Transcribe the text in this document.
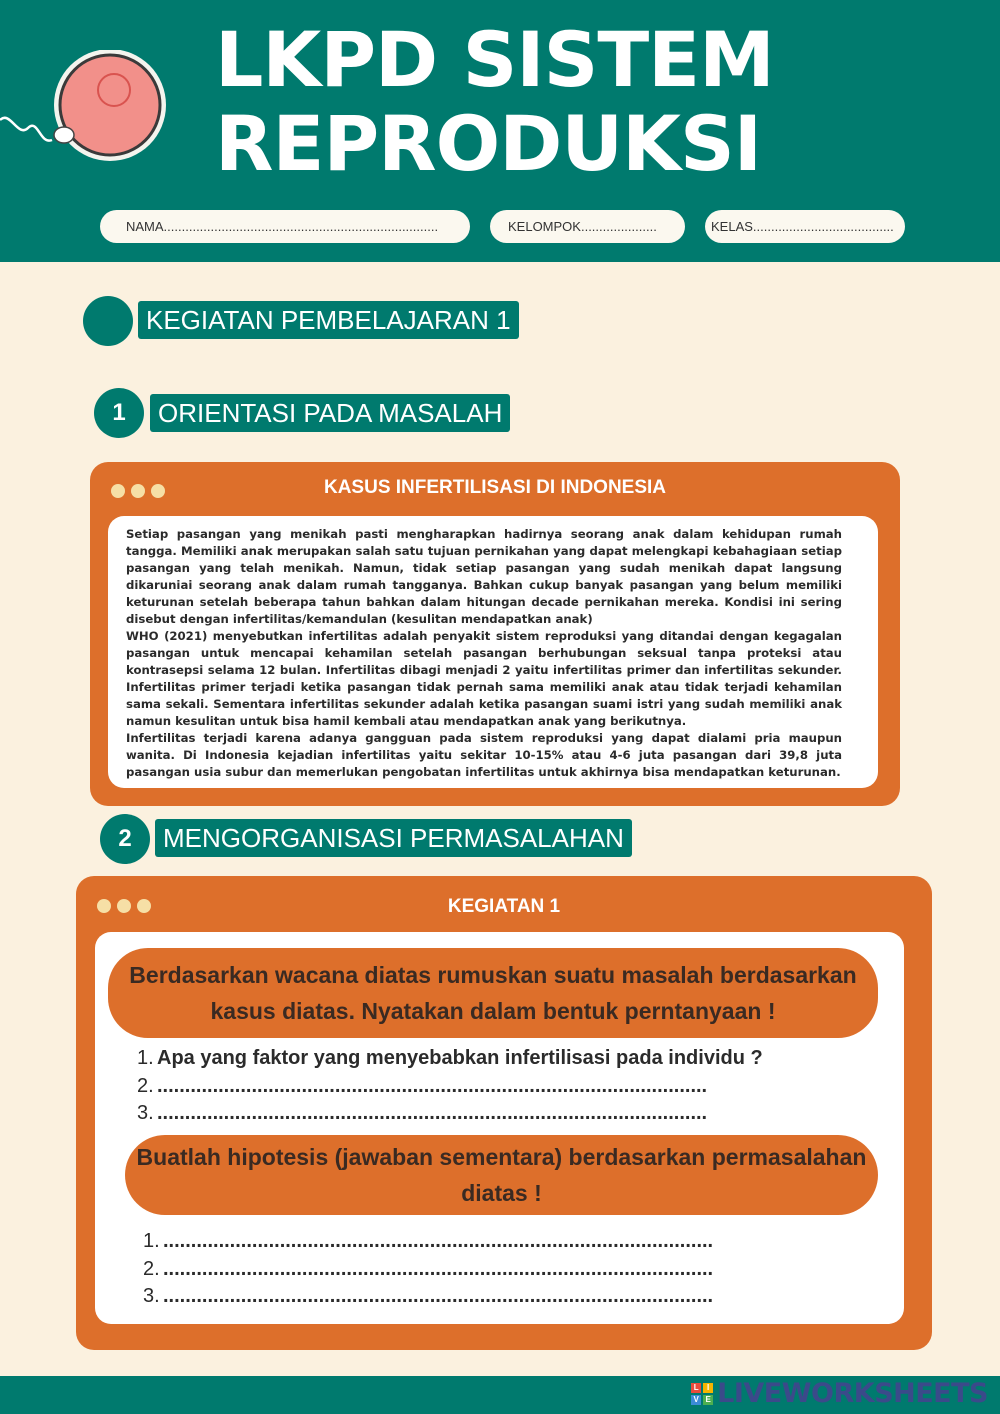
LKPD SISTEM
REPRODUKSI
NAMA............................................................................	KELOMPOK.....................	KELAS.......................................
KEGIATAN PEMBELAJARAN 1
1	ORIENTASI PADA MASALAH
KASUS INFERTILISASI DI INDONESIA

Setiap pasangan yang menikah pasti mengharapkan hadirnya seorang anak dalam kehidupan rumah tangga. Memiliki anak merupakan salah satu tujuan pernikahan yang dapat melengkapi kebahagiaan setiap pasangan yang telah menikah. Namun, tidak setiap pasangan yang sudah menikah dapat langsung dikaruniai seorang anak dalam rumah tangganya. Bahkan cukup banyak pasangan yang belum memiliki keturunan setelah beberapa tahun bahkan dalam hitungan decade pernikahan mereka. Kondisi ini sering disebut dengan infertilitas/kemandulan (kesulitan mendapatkan anak)

WHO (2021) menyebutkan infertilitas adalah penyakit sistem reproduksi yang ditandai dengan kegagalan pasangan untuk mencapai kehamilan setelah pasangan berhubungan seksual tanpa proteksi atau kontrasepsi selama 12 bulan. Infertilitas dibagi menjadi 2 yaitu infertilitas primer dan infertilitas sekunder. Infertilitas primer terjadi ketika pasangan tidak pernah sama memiliki anak atau tidak terjadi kehamilan sama sekali. Sementara infertilitas sekunder adalah ketika pasangan suami istri yang sudah memiliki anak namun kesulitan untuk bisa hamil kembali atau mendapatkan anak yang berikutnya.

Infertilitas terjadi karena adanya gangguan pada sistem reproduksi yang dapat dialami pria maupun wanita. Di Indonesia kejadian infertilitas yaitu sekitar 10-15% atau 4-6 juta pasangan dari 39,8 juta pasangan usia subur dan memerlukan pengobatan infertilitas untuk akhirnya bisa mendapatkan keturunan.

2	MENGORGANISASI PERMASALAHAN
KEGIATAN 1
Berdasarkan wacana diatas rumuskan suatu masalah berdasarkan kasus diatas. Nyatakan dalam bentuk perntanyaan !
1. Apa yang faktor yang menyebabkan infertilisasi pada individu ?
2. ...................................................................................................
3. ...................................................................................................
Buatlah hipotesis (jawaban sementara) berdasarkan permasalahan diatas !
1. ...................................................................................................
2. ...................................................................................................
3. ...................................................................................................
L	I
V E LIVEWORKSHEETS
